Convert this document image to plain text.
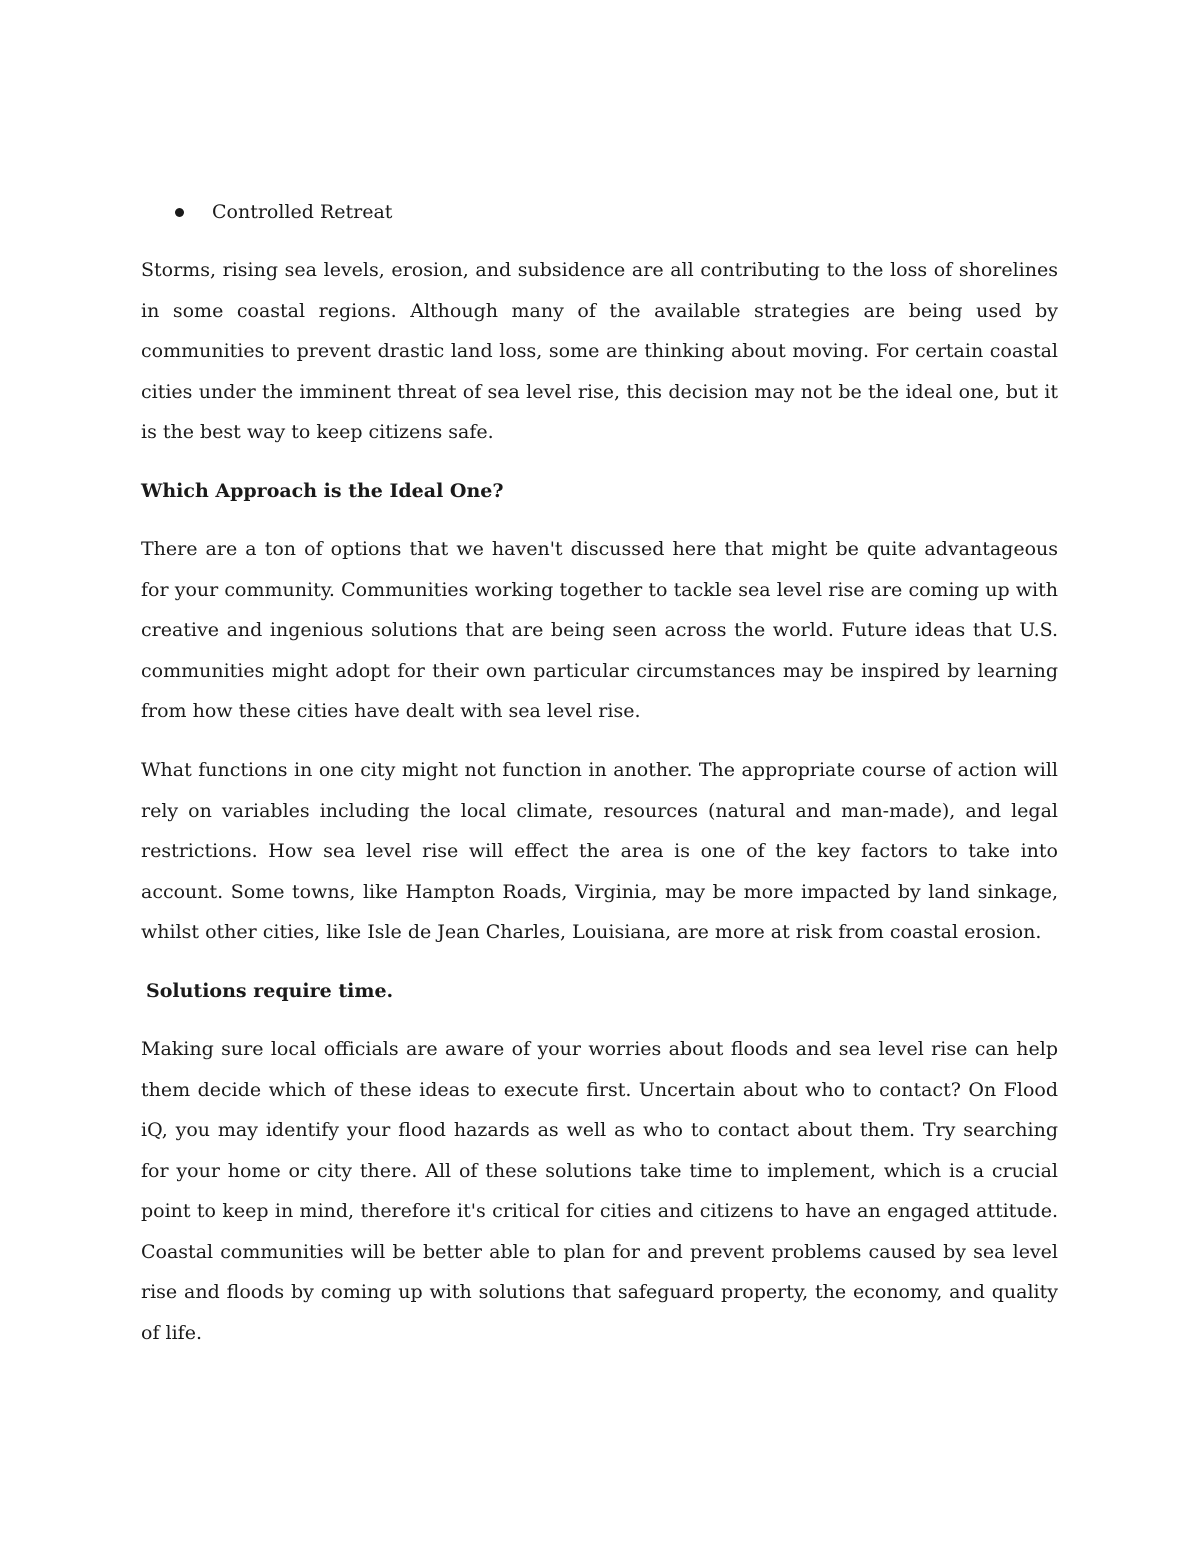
Controlled Retreat

Storms, rising sea levels, erosion, and subsidence are all contributing to the loss of shorelines in some coastal regions. Although many of the available strategies are being used by communities to prevent drastic land loss, some are thinking about moving. For certain coastal cities under the imminent threat of sea level rise, this decision may not be the ideal one, but it is the best way to keep citizens safe.

Which Approach is the Ideal One?

There are a ton of options that we haven't discussed here that might be quite advantageous for your community. Communities working together to tackle sea level rise are coming up with creative and ingenious solutions that are being seen across the world. Future ideas that U.S. communities might adopt for their own particular circumstances may be inspired by learning from how these cities have dealt with sea level rise.

What functions in one city might not function in another. The appropriate course of action will rely on variables including the local climate, resources (natural and man-made), and legal restrictions. How sea level rise will effect the area is one of the key factors to take into account. Some towns, like Hampton Roads, Virginia, may be more impacted by land sinkage, whilst other cities, like Isle de Jean Charles, Louisiana, are more at risk from coastal erosion.

Solutions require time.

Making sure local officials are aware of your worries about floods and sea level rise can help them decide which of these ideas to execute first. Uncertain about who to contact? On Flood iQ, you may identify your flood hazards as well as who to contact about them. Try searching for your home or city there. All of these solutions take time to implement, which is a crucial point to keep in mind, therefore it's critical for cities and citizens to have an engaged attitude. Coastal communities will be better able to plan for and prevent problems caused by sea level rise and floods by coming up with solutions that safeguard property, the economy, and quality of life.
